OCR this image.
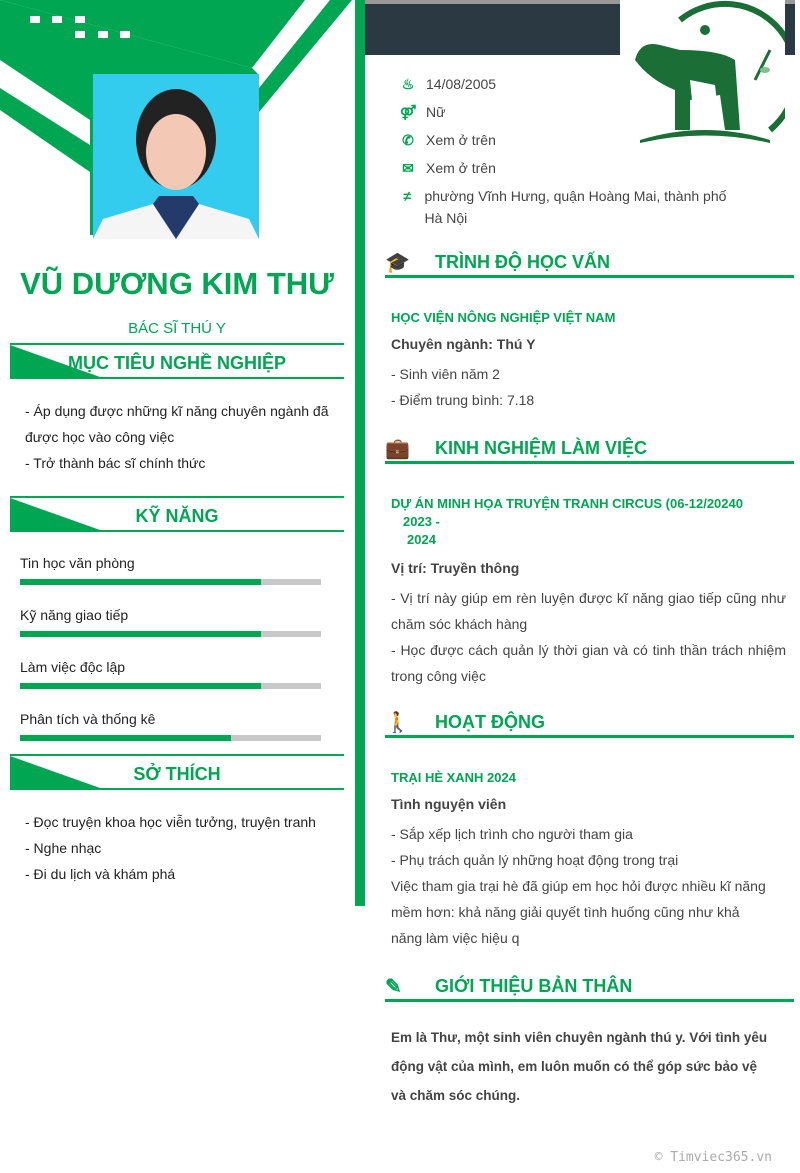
VŨ DƯƠNG KIM THƯ
BÁC SĨ THÚ Y
MỤC TIÊU NGHỀ NGHIỆP
- Áp dụng được những kĩ năng chuyên ngành đã được học vào công việc
- Trở thành bác sĩ chính thức
KỸ NĂNG
Tin học văn phòng
Kỹ năng giao tiếp
Làm việc độc lập
Phân tích và thống kê
SỞ THÍCH
- Đọc truyện khoa học viễn tưởng, truyện tranh
- Nghe nhạc
- Đi du lịch và khám phá
♨ 14/08/2005
⚤ Nữ
✆ Xem ở trên
✉ Xem ở trên
≠ phường Vĩnh Hưng, quận Hoàng Mai, thành phố Hà Nội
🎓 TRÌNH ĐỘ HỌC VẤN
HỌC VIỆN NÔNG NGHIỆP VIỆT NAM
Chuyên ngành: Thú Y
- Sinh viên năm 2
- Điểm trung bình: 7.18
💼 KINH NGHIỆM LÀM VIỆC
DỰ ÁN MINH HỌA TRUYỆN TRANH CIRCUS (06-12/20240
2023 -
2024
Vị trí: Truyền thông
- Vị trí này giúp em rèn luyện được kĩ năng giao tiếp cũng như chăm sóc khách hàng
- Học được cách quản lý thời gian và có tinh thần trách nhiệm trong công việc
🚶 HOẠT ĐỘNG
TRẠI HÈ XANH 2024
Tình nguyện viên
- Sắp xếp lịch trình cho người tham gia
- Phụ trách quản lý những hoạt động trong trại
Việc tham gia trại hè đã giúp em học hỏi được nhiều kĩ năng mềm hơn: khả năng giải quyết tình huống cũng như khả năng làm việc hiệu q
✎	GIỚI THIỆU BẢN THÂN
Em là Thư, một sinh viên chuyên ngành thú y. Với tình yêu động vật của mình, em luôn muốn có thể góp sức bảo vệ và chăm sóc chúng.
© Timviec365.vn
